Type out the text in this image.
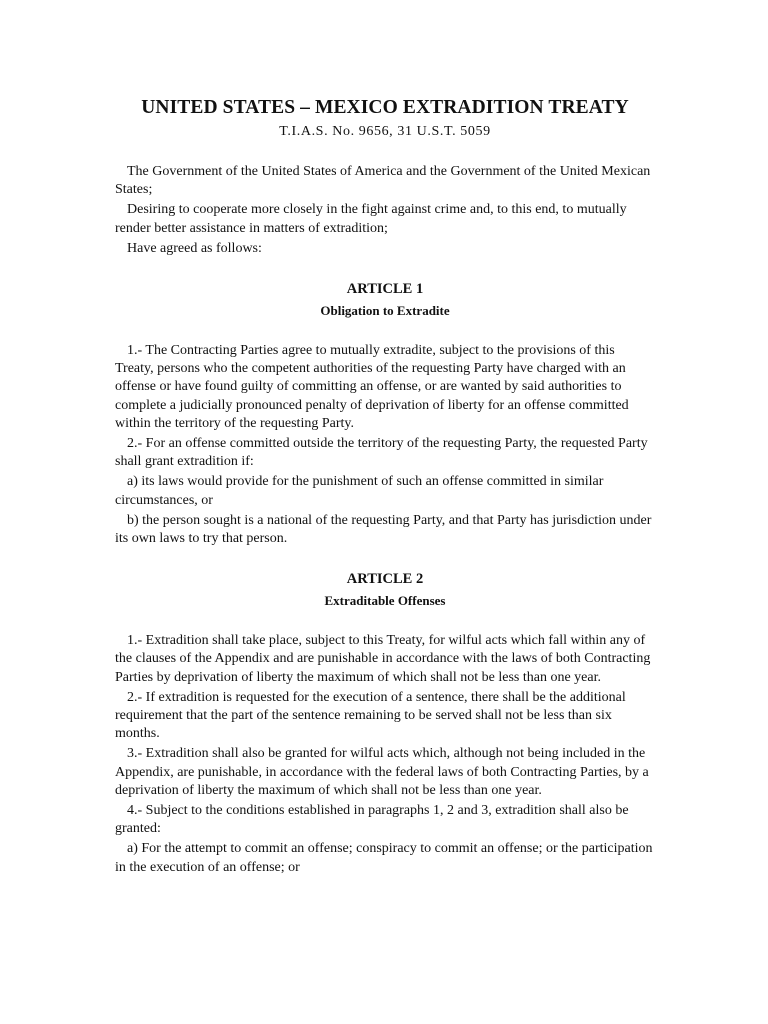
UNITED STATES – MEXICO EXTRADITION TREATY

T.I.A.S. No. 9656, 31 U.S.T. 5059

The Government of the United States of America and the Government of the United Mexican States;

Desiring to cooperate more closely in the fight against crime and, to this end, to mutually render better assistance in matters of extradition;

Have agreed as follows:

ARTICLE 1
Obligation to Extradite

1.- The Contracting Parties agree to mutually extradite, subject to the provisions of this Treaty, persons who the competent authorities of the requesting Party have charged with an offense or have found guilty of committing an offense, or are wanted by said authorities to complete a judicially pronounced penalty of deprivation of liberty for an offense committed within the territory of the requesting Party.

2.- For an offense committed outside the territory of the requesting Party, the requested Party shall grant extradition if:

a) its laws would provide for the punishment of such an offense committed in similar circumstances, or

b) the person sought is a national of the requesting Party, and that Party has jurisdiction under its own laws to try that person.

ARTICLE 2
Extraditable Offenses

1.- Extradition shall take place, subject to this Treaty, for wilful acts which fall within any of the clauses of the Appendix and are punishable in accordance with the laws of both Contracting Parties by deprivation of liberty the maximum of which shall not be less than one year.

2.- If extradition is requested for the execution of a sentence, there shall be the additional requirement that the part of the sentence remaining to be served shall not be less than six months.

3.- Extradition shall also be granted for wilful acts which, although not being included in the Appendix, are punishable, in accordance with the federal laws of both Contracting Parties, by a deprivation of liberty the maximum of which shall not be less than one year.

4.- Subject to the conditions established in paragraphs 1, 2 and 3, extradition shall also be granted:

a) For the attempt to commit an offense; conspiracy to commit an offense; or the participation in the execution of an offense; or
